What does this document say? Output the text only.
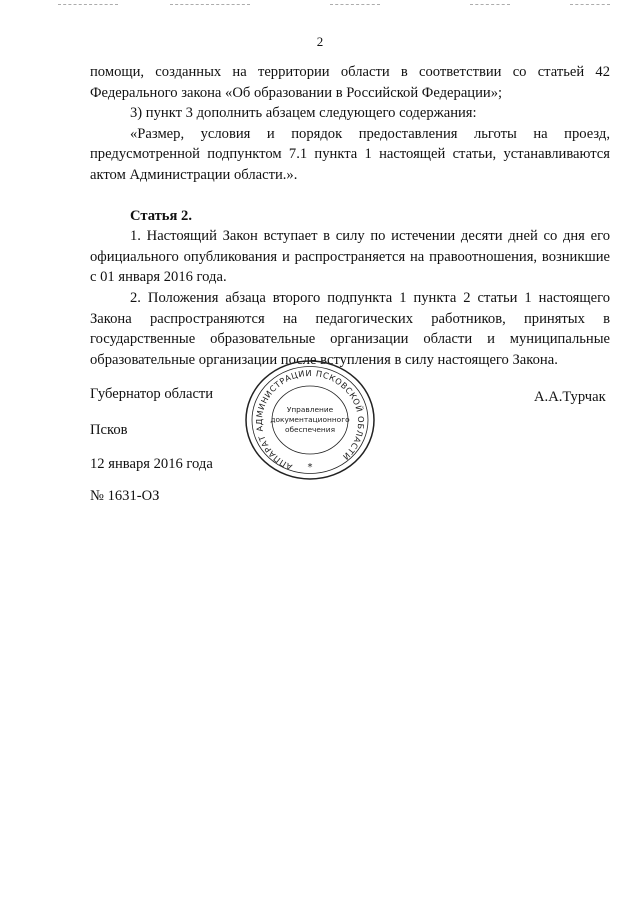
2

помощи, созданных на территории области в соответствии со статьей 42 Федерального закона «Об образовании в Российской Федерации»;

3) пункт 3 дополнить абзацем следующего содержания:

«Размер, условия и порядок предоставления льготы на проезд, предусмотренной подпунктом 7.1 пункта 1 настоящей статьи, устанавливаются актом Администрации области.».

Статья 2.

1. Настоящий Закон вступает в силу по истечении десяти дней со дня его официального опубликования и распространяется на правоотношения, возникшие с 01 января 2016 года.

2. Положения абзаца второго подпункта 1 пункта 2 статьи 1 настоящего Закона распространяются на педагогических работников, принятых в государственные образовательные организации области и муниципальные образовательные организации после вступления в силу настоящего Закона.

Губернатор области
Псков
12 января 2016 года
№ 1631-ОЗ
А.А.Турчак
АППАРАТ АДМИНИСТРАЦИИ ПСКОВСКОЙ ОБЛАСТИ
Управление
документационного
обеспечения
*
